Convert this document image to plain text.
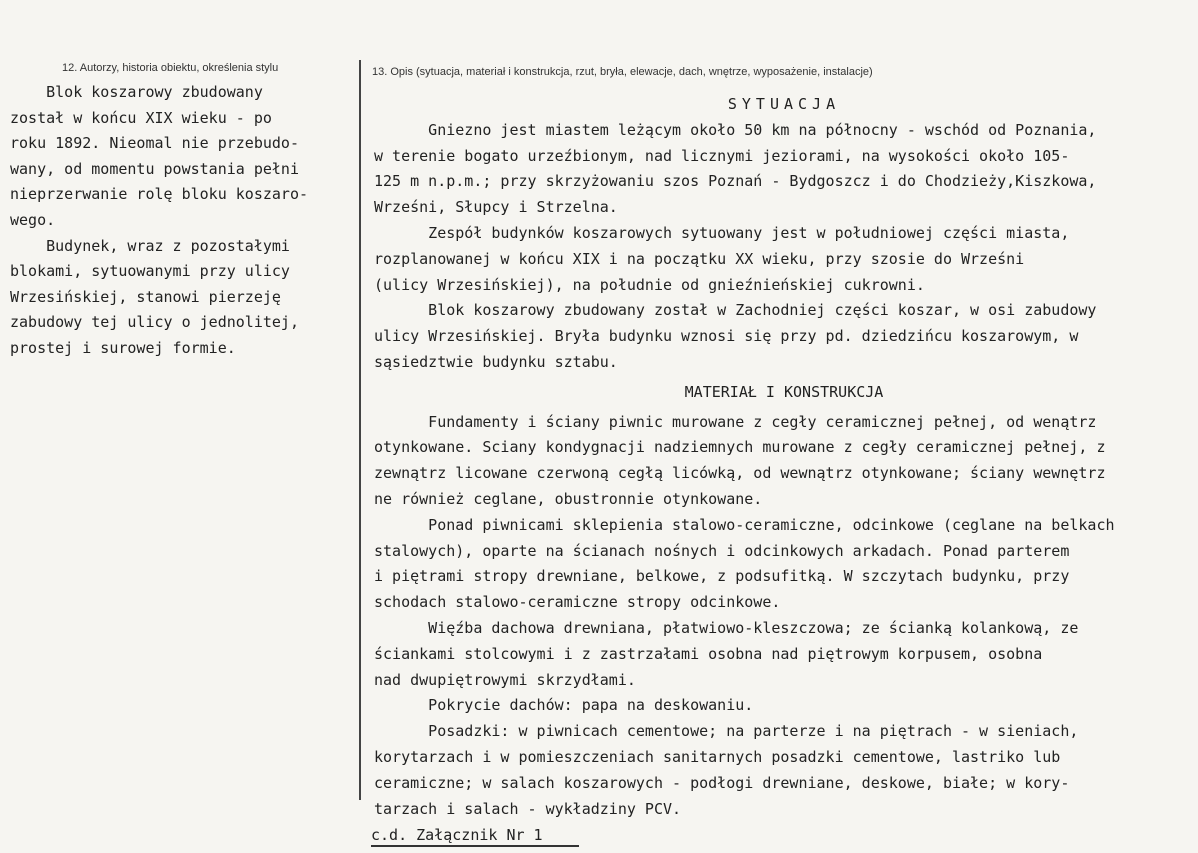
12. Autorzy, historia obiektu, określenia stylu	13. Opis (sytuacja, materiał i konstrukcja, rzut, bryła, elewacje, dach, wnętrze, wyposażenie, instalacje)
Blok koszarowy zbudowany
został w końcu XIX wieku - po
roku 1892. Nieomal nie przebudo-
wany, od momentu powstania pełni
nieprzerwanie rolę bloku koszaro-
wego.
Budynek, wraz z pozostałymi
blokami, sytuowanymi przy ulicy
Wrzesińskiej, stanowi pierzeję
zabudowy tej ulicy o jednolitej,
prostej i surowej formie.
SYTUACJA
Gniezno jest miastem leżącym około 50 km na północny - wschód od Poznania,
w terenie bogato urzeźbionym, nad licznymi jeziorami, na wysokości około 105-
125 m n.p.m.; przy skrzyżowaniu szos Poznań - Bydgoszcz i do Chodzieży,Kiszkowa,
Wrześni, Słupcy i Strzelna.
Zespół budynków koszarowych sytuowany jest w południowej części miasta,
rozplanowanej w końcu XIX i na początku XX wieku, przy szosie do Wrześni
(ulicy Wrzesińskiej), na południe od gnieźnieńskiej cukrowni.
Blok koszarowy zbudowany został w Zachodniej części koszar, w osi zabudowy
ulicy Wrzesińskiej. Bryła budynku wznosi się przy pd. dziedzińcu koszarowym, w
sąsiedztwie budynku sztabu.
MATERIAŁ I KONSTRUKCJA
Fundamenty i ściany piwnic murowane z cegły ceramicznej pełnej, od wenątrz
otynkowane. Sciany kondygnacji nadziemnych murowane z cegły ceramicznej pełnej, z
zewnątrz licowane czerwoną cegłą licówką, od wewnątrz otynkowane; ściany wewnętrz
ne również ceglane, obustronnie otynkowane.
Ponad piwnicami sklepienia stalowo-ceramiczne, odcinkowe (ceglane na belkach
stalowych), oparte na ścianach nośnych i odcinkowych arkadach. Ponad parterem
i piętrami stropy drewniane, belkowe, z podsufitką. W szczytach budynku, przy
schodach stalowo-ceramiczne stropy odcinkowe.
Więźba dachowa drewniana, płatwiowo-kleszczowa; ze ścianką kolankową, ze
ściankami stolcowymi i z zastrzałami osobna nad piętrowym korpusem, osobna
nad dwupiętrowymi skrzydłami.
Pokrycie dachów: papa na deskowaniu.
Posadzki: w piwnicach cementowe; na parterze i na piętrach - w sieniach,
korytarzach i w pomieszczeniach sanitarnych posadzki cementowe, lastriko lub
ceramiczne; w salach koszarowych - podłogi drewniane, deskowe, białe; w kory-
tarzach i salach - wykładziny PCV.
c.d. Załącznik Nr 1
